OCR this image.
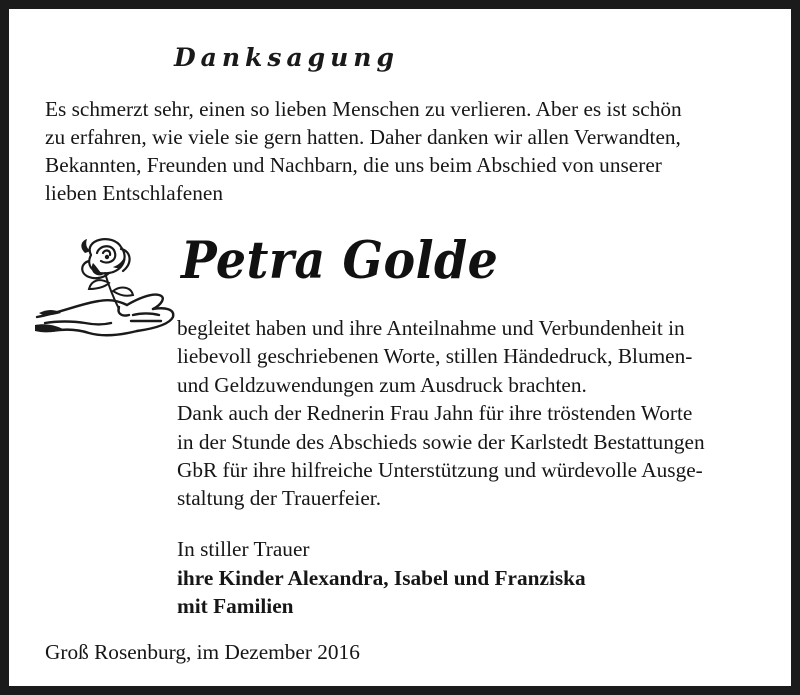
Danksagung

Es schmerzt sehr, einen so lieben Menschen zu verlieren. Aber es ist schön
zu erfahren, wie viele sie gern hatten. Daher danken wir allen Verwandten,
Bekannten, Freunden und Nachbarn, die uns beim Abschied von unserer
lieben Entschlafenen

Petra Golde

begleitet haben und ihre Anteilnahme und Verbundenheit in
liebevoll geschriebenen Worte, stillen Händedruck, Blumen-
und Geldzuwendungen zum Ausdruck brachten.
Dank auch der Rednerin Frau Jahn für ihre tröstenden Worte
in der Stunde des Abschieds sowie der Karlstedt Bestattungen
GbR für ihre hilfreiche Unterstützung und würdevolle Ausge-
staltung der Trauerfeier.

In stiller Trauer
ihre Kinder Alexandra, Isabel und Franziska
mit Familien

Groß Rosenburg, im Dezember 2016
